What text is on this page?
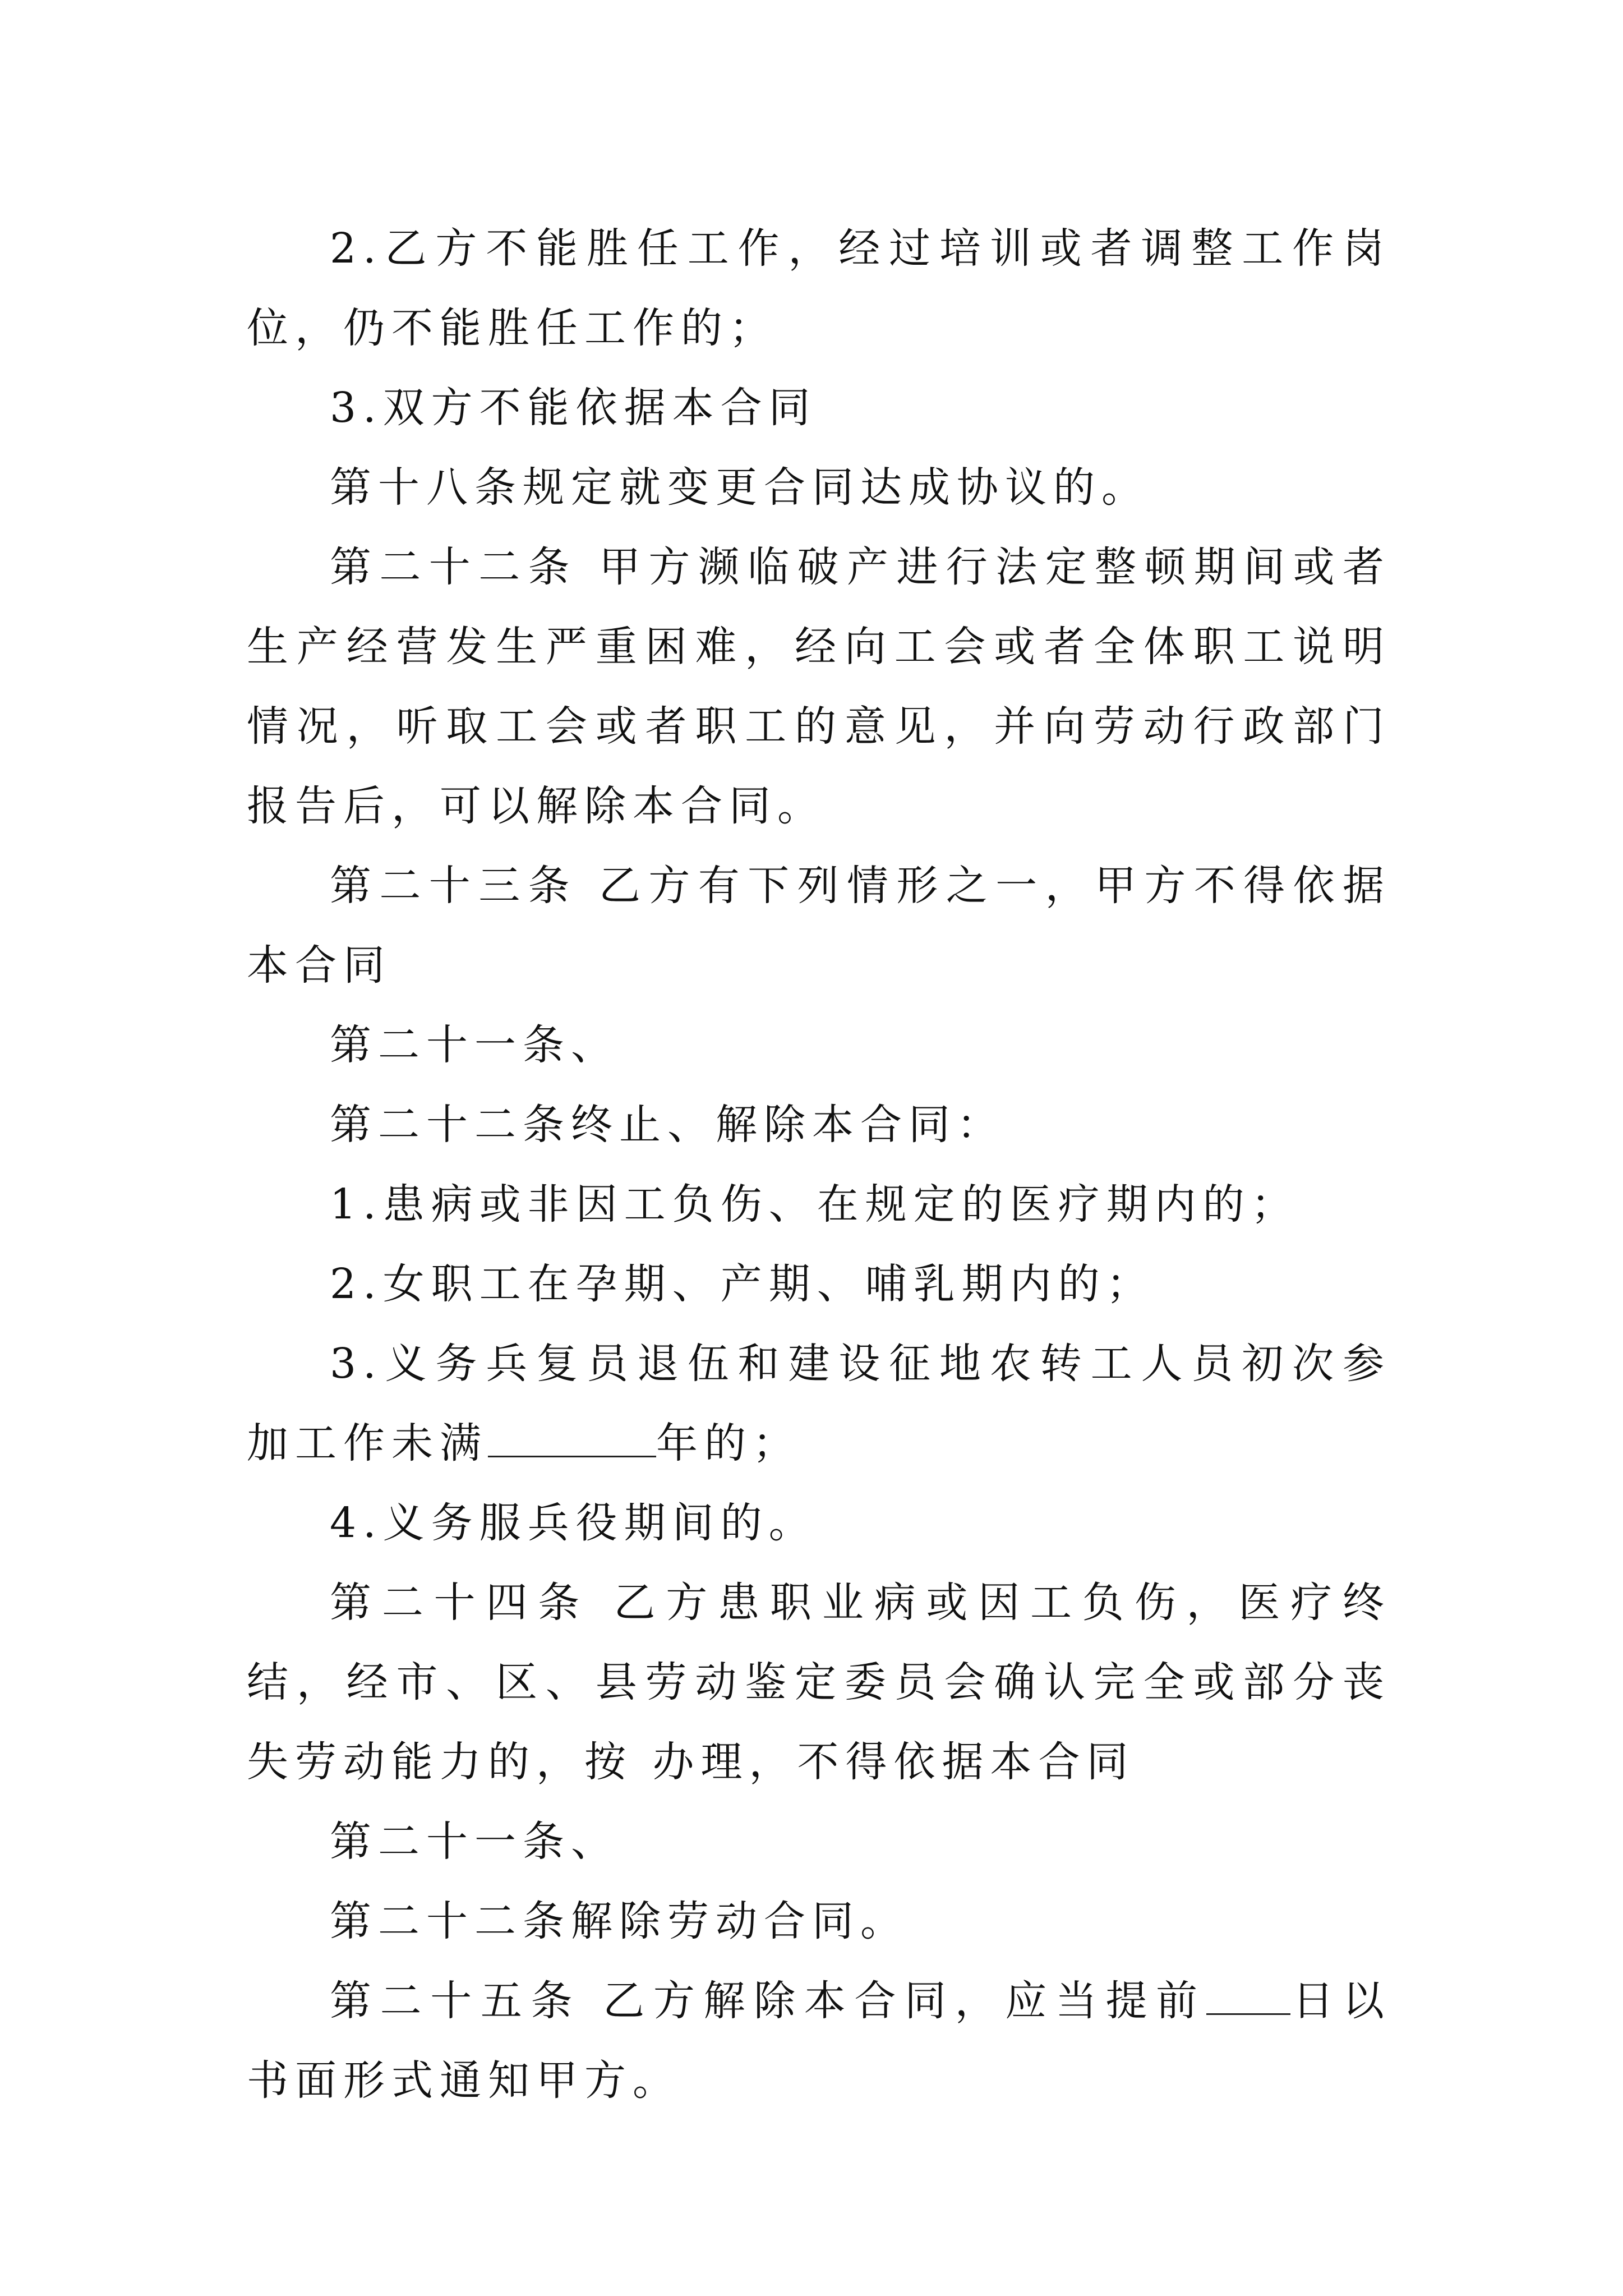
2.乙方不能胜任工作，经过培训或者调整工作岗位，仍不能胜任工作的；

3.双方不能依据本合同

第十八条规定就变更合同达成协议的。

第二十二条 甲方濒临破产进行法定整顿期间或者生产经营发生严重困难，经向工会或者全体职工说明情况，听取工会或者职工的意见，并向劳动行政部门报告后，可以解除本合同。

第二十三条 乙方有下列情形之一，甲方不得依据本合同

第二十一条、

第二十二条终止、解除本合同：

1.患病或非因工负伤、在规定的医疗期内的；

2.女职工在孕期、产期、哺乳期内的；

3.义务兵复员退伍和建设征地农转工人员初次参加工作未满	年的；

4.义务服兵役期间的。

第二十四条 乙方患职业病或因工负伤，医疗终结，经市、区、县劳动鉴定委员会确认完全或部分丧失劳动能力的，按 办理，不得依据本合同

第二十一条、

第二十二条解除劳动合同。

第二十五条 乙方解除本合同，应当提前 日以书面形式通知甲方。
